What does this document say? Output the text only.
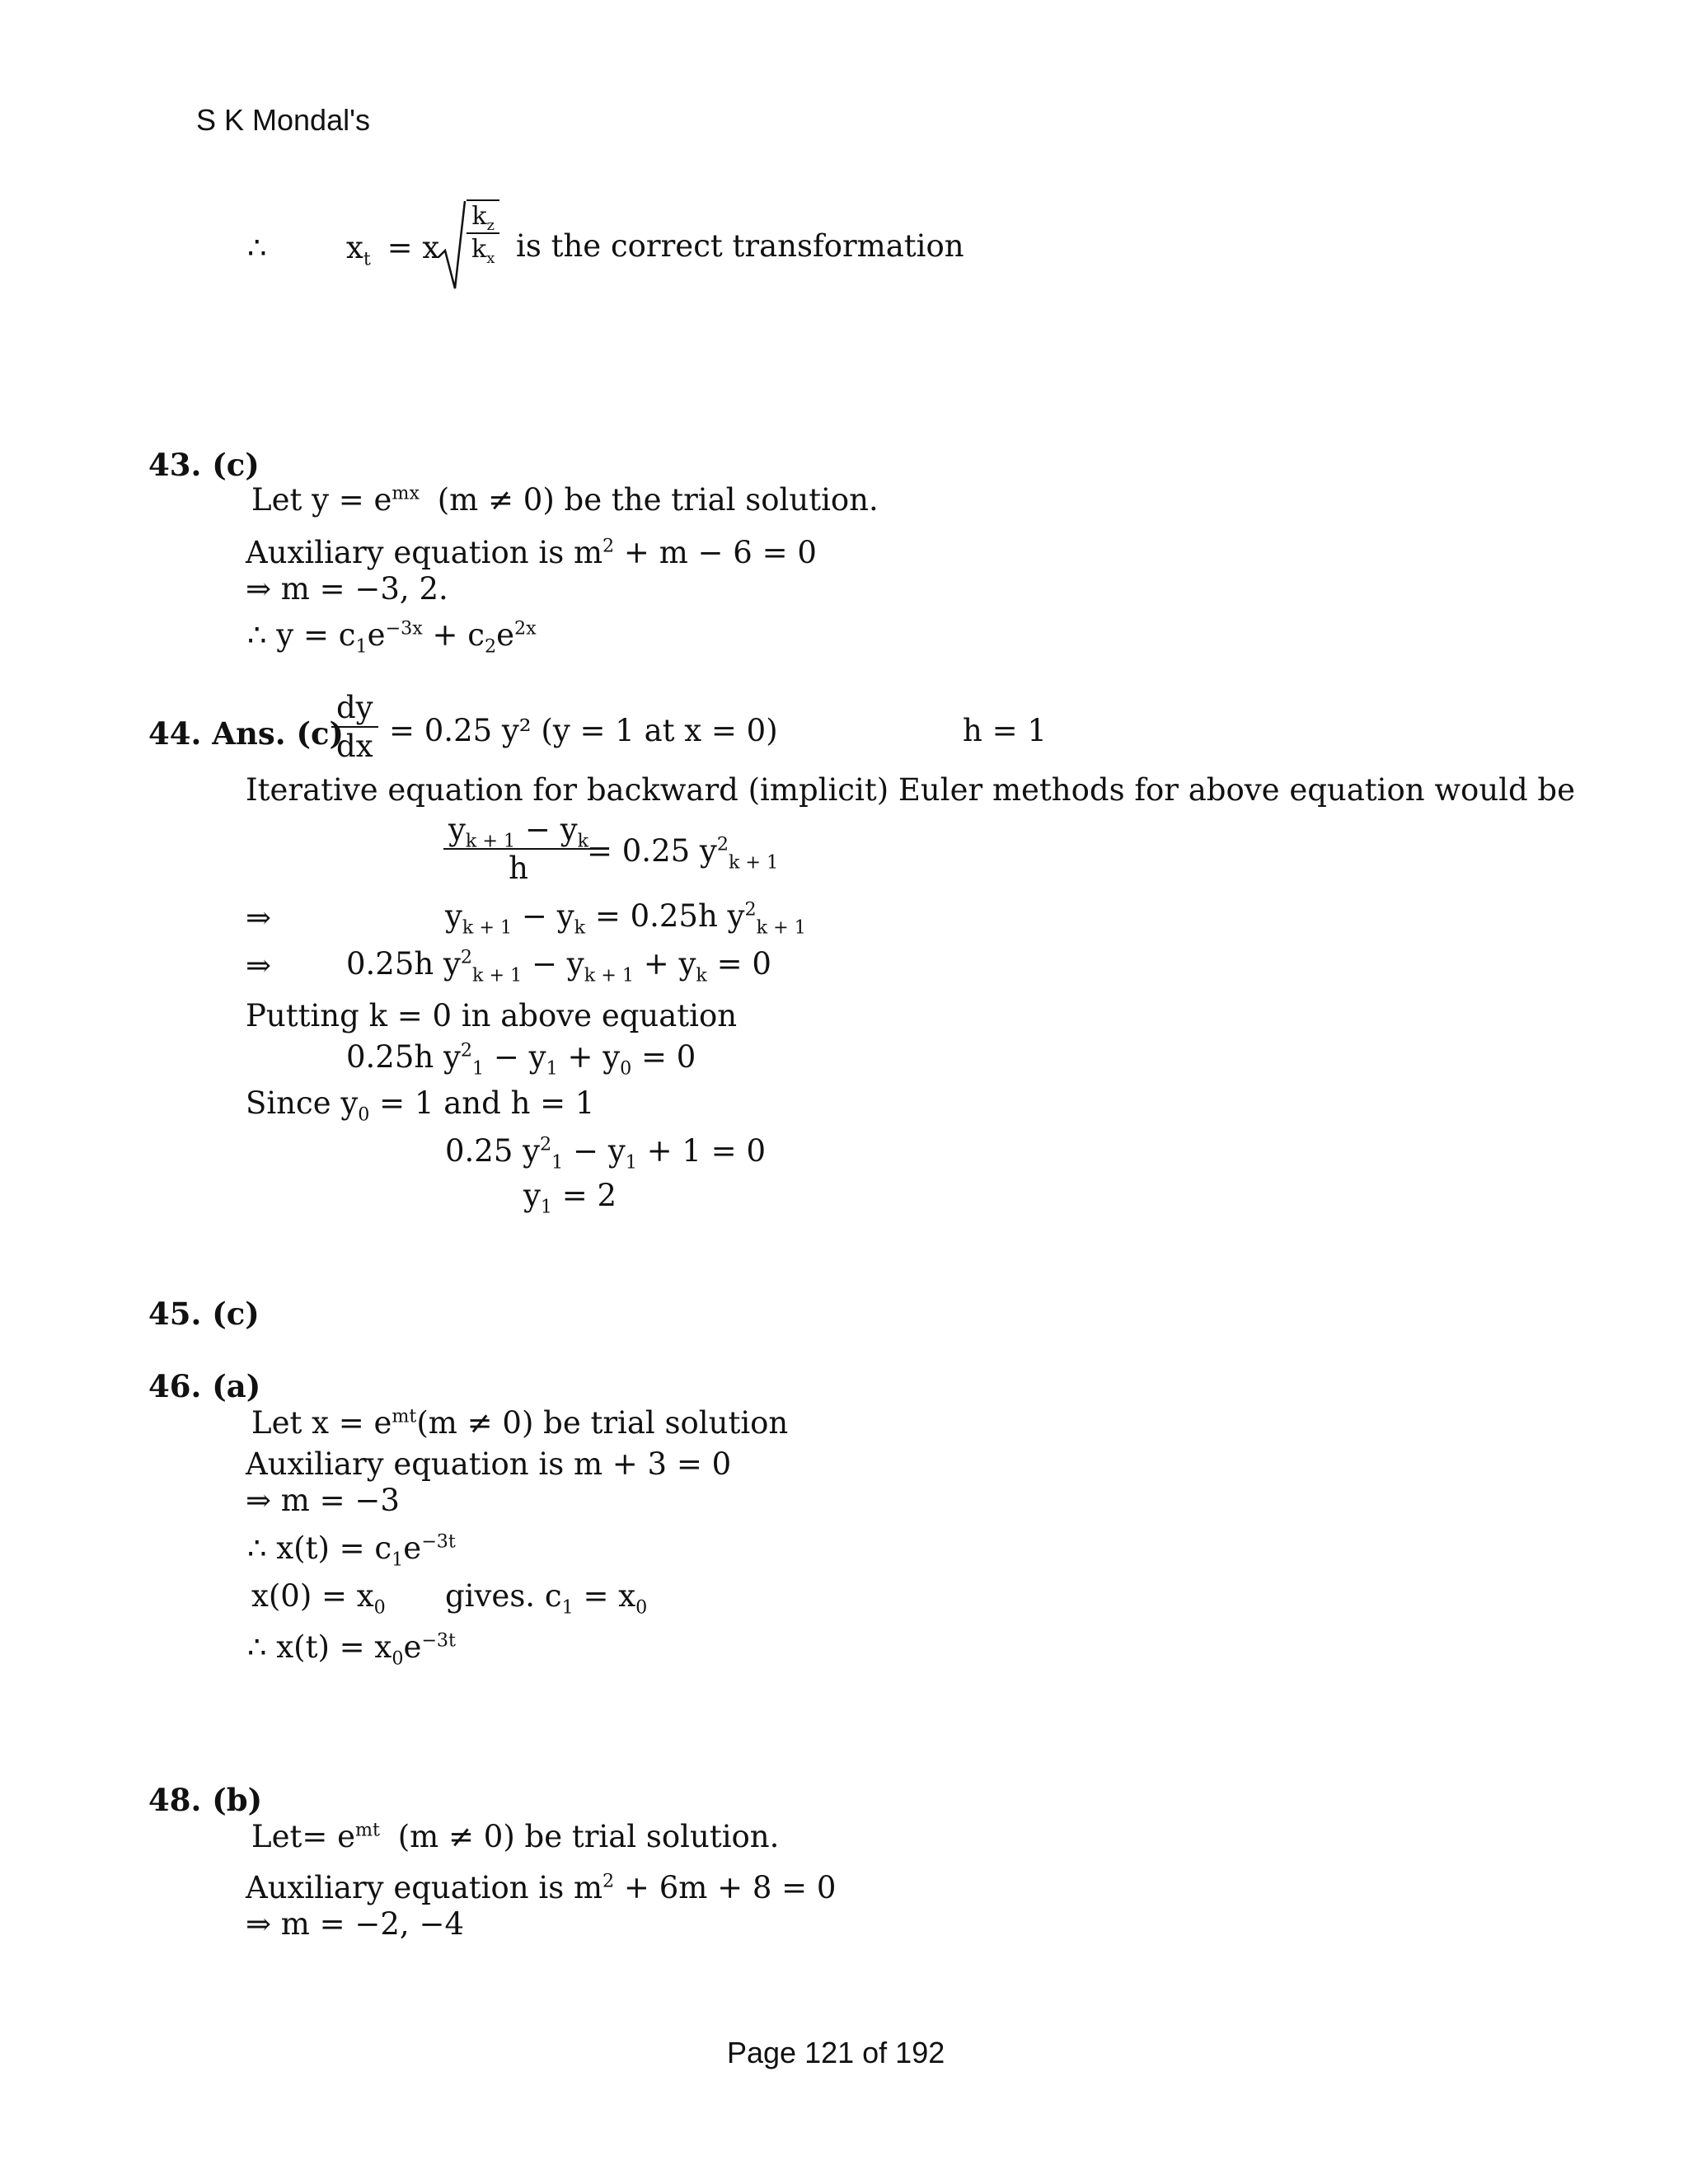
S K Mondal's
∴	$x_t = x \frac{k_z}{k_x}$ is the correct transformation
43. (c)
Let $y = e^{mx}$ (m ≠ 0) be the trial solution.
Auxiliary equation is $m^2 + m - 6 = 0$
⇒ m = −3, 2.
∴ $y = c_1e^{-3x} + c_2e^{2x}$
44. Ans. (c)
$\frac{dy}{dx} = 0.25$ y² (y = 1 at x = 0)	h = 1
Iterative equation for backward (implicit) Euler methods for above equation would be
$\frac{y_{k + 1} - y_k}{h}$
= 0.25 $y^2_{k + 1}$
⇒	$y_{k + 1} - y_k = 0.25h$ $y^2_{k + 1}$
⇒ 0.25h $y^2_{k + 1} - y_{k + 1} + y_k = 0$
Putting k = 0 in above equation
0.25h $y^2_1 - y_1 + y_0 = 0$
Since $y_0 = 1$ and h = 1
0.25 $y^2_1 - y_1 + 1 = 0$
$y_1 = 2$
45. (c)
46. (a)
Let $x = e^{mt}(m \ne 0)$ be trial solution
Auxiliary equation is m + 3 = 0
⇒ m = −3
∴ $x(t) = c_1e^{-3t}$
$x(0) = x_0$ gives. $c_1 = x_0$
∴ $x(t) = x_0e^{-3t}$
48. (b)
$Let= e^{mt}$ (m ≠ 0) be trial solution.
Auxiliary equation is $m^2 + 6m + 8 = 0$
⇒ m = −2, −4
Page 121 of 192
